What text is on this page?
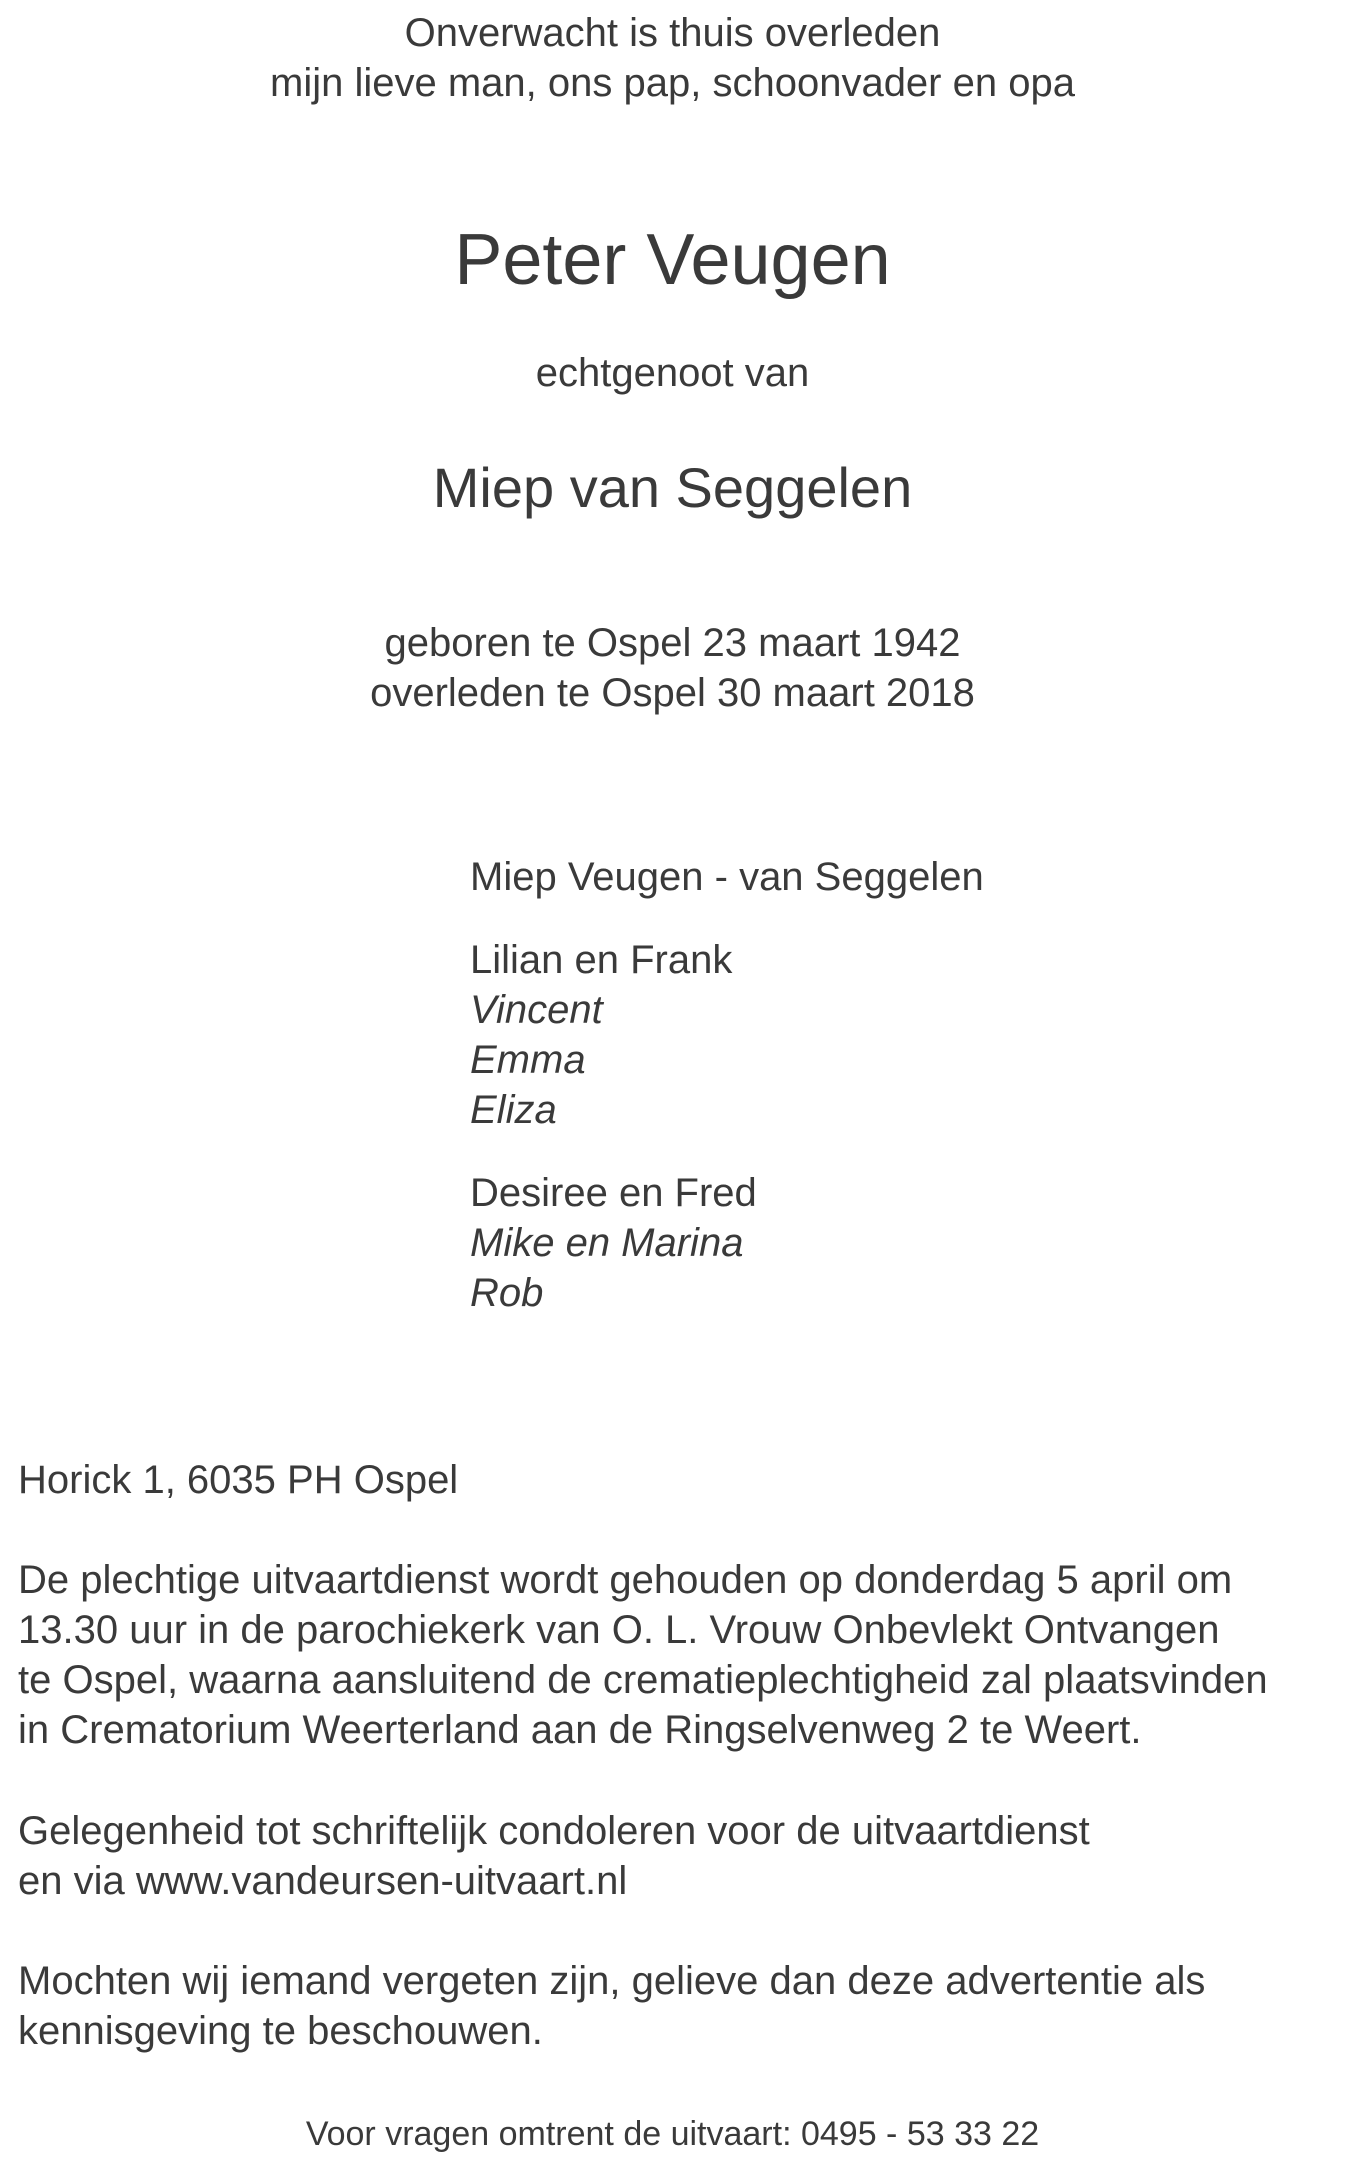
Onverwacht is thuis overleden
mijn lieve man, ons pap, schoonvader en opa
Peter Veugen
echtgenoot van
Miep van Seggelen
geboren te Ospel 23 maart 1942
overleden te Ospel 30 maart 2018
Miep Veugen - van Seggelen
Lilian en Frank
Vincent
Emma
Eliza
Desiree en Fred
Mike en Marina
Rob
Horick 1, 6035 PH Ospel
De plechtige uitvaartdienst wordt gehouden op donderdag 5 april om
13.30 uur in de parochiekerk van O. L. Vrouw Onbevlekt Ontvangen
te Ospel, waarna aansluitend de crematieplechtigheid zal plaatsvinden
in Crematorium Weerterland aan de Ringselvenweg 2 te Weert.
Gelegenheid tot schriftelijk condoleren voor de uitvaartdienst
en via www.vandeursen-uitvaart.nl
Mochten wij iemand vergeten zijn, gelieve dan deze advertentie als
kennisgeving te beschouwen.
Voor vragen omtrent de uitvaart: 0495 - 53 33 22
